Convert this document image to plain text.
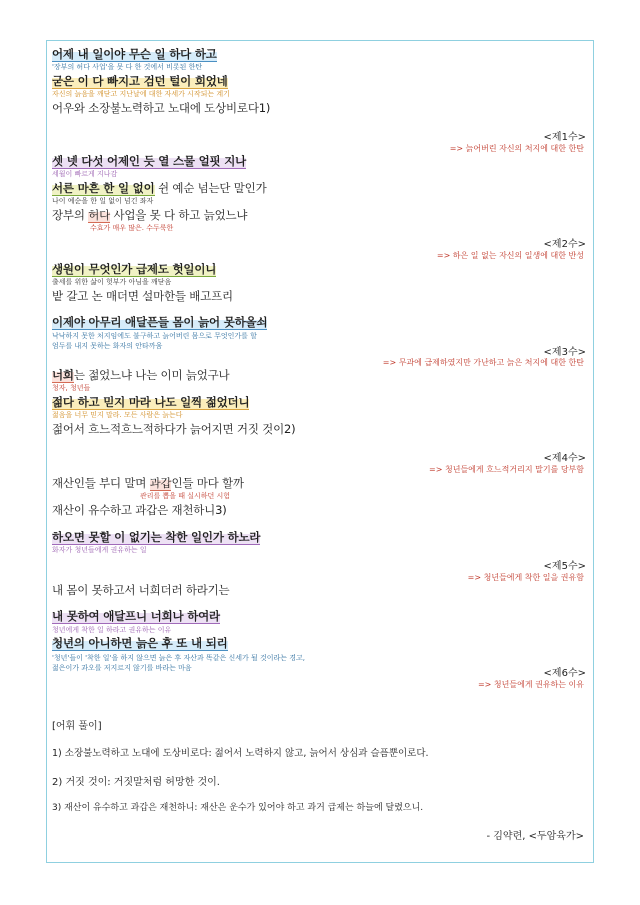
어제 내 일이야 무슨 일 하다 하고
'장부의 허다 사업'을 못 다 한 것에서 비롯된 한탄
굳은 이 다 빠지고 검던 털이 희었네
자신의 늙음을 깨닫고 지난날에 대한 자세가 시작되는 계기
어우와 소장불노력하고 노대에 도상비로다1)
<제1수>
=> 늙어버린 자신의 처지에 대한 한탄
셋 넷 다섯 어제인 듯 열 스물 얼핏 지나
세월이 빠르게 지나감
서른 마흔 한 일 없이 쉰 예순 넘는단 말인가
나이 예순을 한 일 없이 넘긴 좌자
장부의 허다 사업을 못 다 하고 늙었느냐
수효가 매우 많은. 수두룩한
<제2수>
=> 하은 일 없는 자신의 일생에 대한 반성
생원이 무엇인가 급제도 헛일이니
출세를 위한 삶이 헛부가 아님을 깨닫음
밭 갈고 논 매더면 설마한들 배고프리
이제야 아무리 애달픈들 몸이 늙어 못하올쇠
낙낙하지 못한 처지임에도 불구하고 늙어버린 몸으로 무엇인가를 할
엄두를 내지 못하는 화자의 안타까움
<제3수>
=> 무과에 급제하였지만 가난하고 늙은 처지에 대한 한탄
너희는 젊었느냐 나는 이미 늙었구나
청자, 청년들
젊다 하고 믿지 마라 나도 일찍 젊었더니
젊음을 너무 믿지 말라. 모든 사람은 늙는다
젊어서 흐느적흐느적하다가 늙어지면 거짓 것이2)
<제4수>
=> 청년들에게 흐느적거리지 말기를 당부함
재산인들 부디 말며 과갑인들 마다 할까
관리를 뽑을 때 실시하던 시험
재산이 유수하고 과갑은 재천하니3)
하오면 못할 이 없기는 착한 일인가 하노라
화자가 청년들에게 권유하는 일
<제5수>
=> 청년들에게 착한 일을 권유함
내 몸이 못하고서 너희더러 하라기는
내 못하여 애달프니 너희나 하여라
청년에게 착한 일 하라고 권유하는 이유
청년의 아니하면 늙은 후 또 내 되리
'청년'들이 '착한 일'을 하지 않으면 늙은 후 자산과 똑같은 신세가 될 것이라는 경고,
젊은이가 과오를 저지르지 않기를 바라는 마음	<제6수>
=> 청년들에게 권유하는 이유
[어휘 풀이]
1) 소장불노력하고 노대에 도상비로다: 젊어서 노력하지 않고, 늙어서 상심과 슬픔뿐이로다.
2) 거짓 것이: 거짓말처럼 허망한 것이.
3) 재산이 유수하고 과갑은 재천하니: 재산은 운수가 있어야 하고 과거 급제는 하늘에 달렸으니.
- 김약련, <두암육가>
